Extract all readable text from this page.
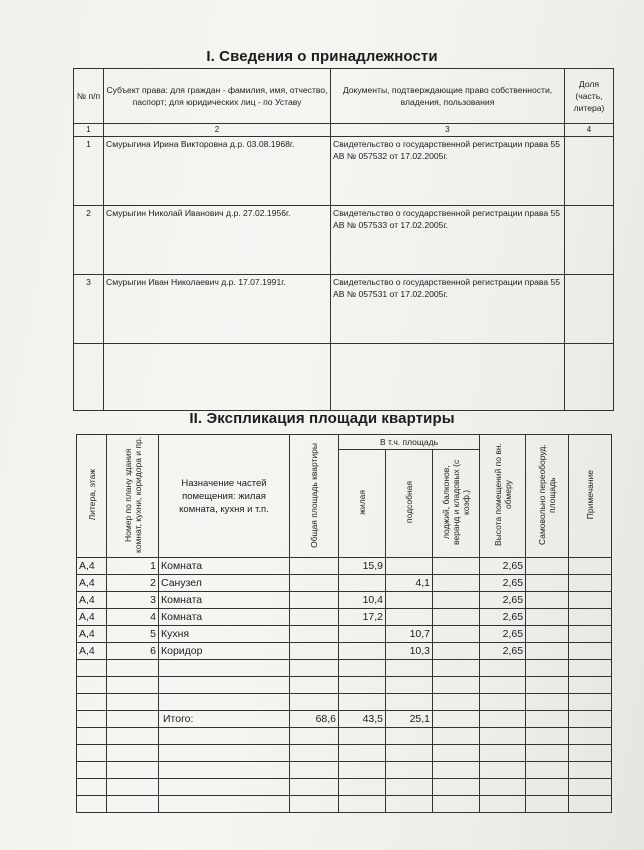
I. Сведения о принадлежности
№ п/п	Субъект права: для граждан - фамилия, имя, отчество, паспорт; для юридических лиц - по Уставу	Документы, подтверждающие право собственности, владения, пользования	Доля (часть, литера)
1	2	3	4
1	Смурыгина Ирина Викторовна д.р. 03.08.1968г.	Свидетельство о государственной регистрации права 55 АВ № 057532 от 17.02.2005г.	
2	Смурыгин Николай Иванович д.р. 27.02.1956г.	Свидетельство о государственной регистрации права 55 АВ № 057533 от 17.02.2005г.	
3	Смурыгин Иван Николаевич д.р. 17.07.1991г.	Свидетельство о государственной регистрации права 55 АВ № 057531 от 17.02.2005г.	

II. Экспликация площади квартиры
Литера, этаж	Номер по плану здания комнат, кухни, коридора и пр.	Назначение частей помещения: жилая комната, кухня и т.п.	Общая площадь квартиры	В т.ч. площадь			Высота помещений по вн. обмеру	Самовольно переоборуд. площадь	Примечание
				жилая	подсобная	лоджий, балконов, веранд и кладовых (с коэф.)			
А,4	1	Комната		15,9			2,65		
А,4	2	Санузел			4,1		2,65		
А,4	3	Комната		10,4			2,65		
А,4	4	Комната		17,2			2,65		
А,4	5	Кухня			10,7		2,65		
А,4	6	Коридор			10,3		2,65		

		Итого:	68,6	43,5	25,1				
